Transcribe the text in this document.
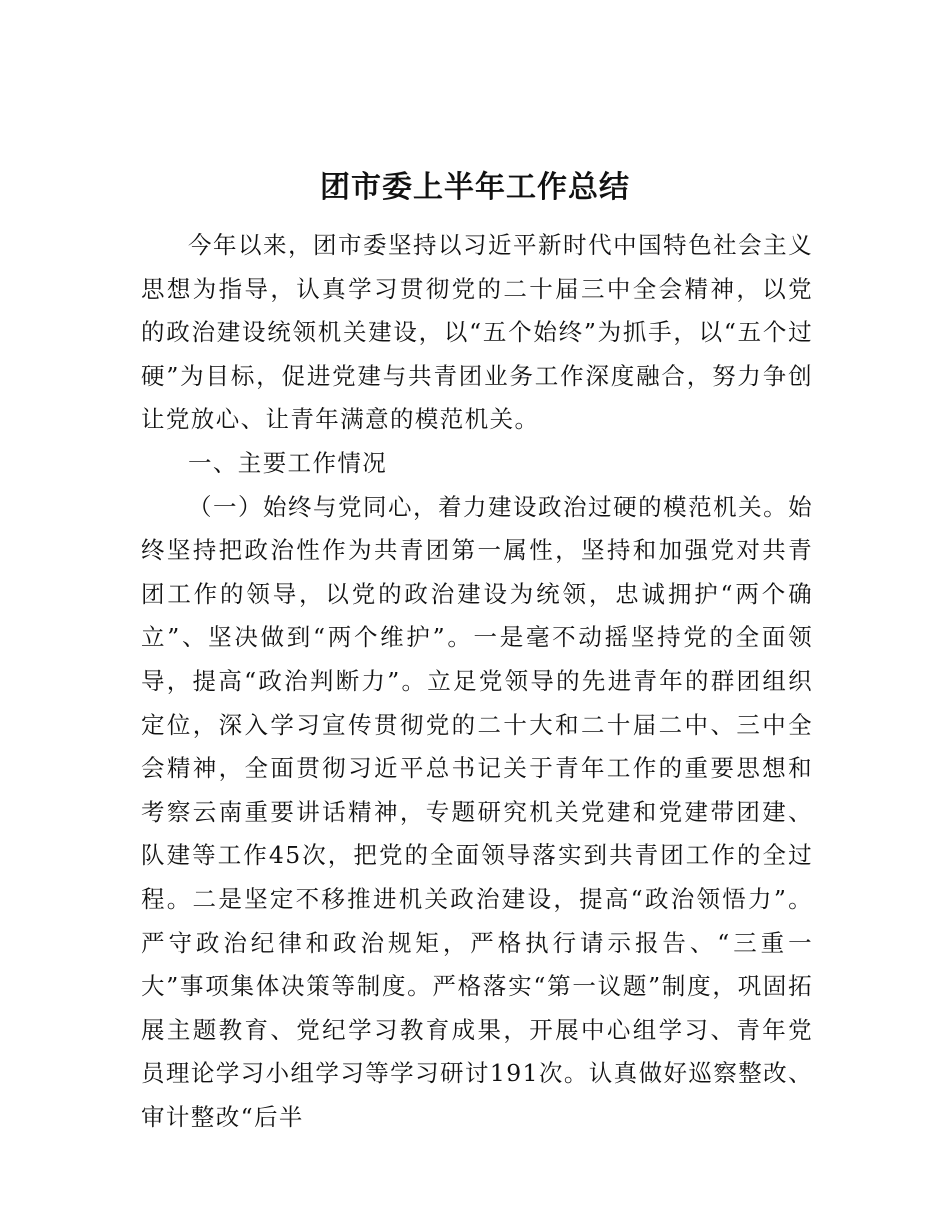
团市委上半年工作总结

今年以来，团市委坚持以习近平新时代中国特色社会主义思想为指导，认真学习贯彻党的二十届三中全会精神，以党的政治建设统领机关建设，以“五个始终”为抓手，以“五个过硬”为目标，促进党建与共青团业务工作深度融合，努力争创让党放心、让青年满意的模范机关。

一、主要工作情况

（一）始终与党同心，着力建设政治过硬的模范机关。始终坚持把政治性作为共青团第一属性，坚持和加强党对共青团工作的领导，以党的政治建设为统领，忠诚拥护“两个确立”、坚决做到“两个维护”。一是毫不动摇坚持党的全面领导，提高“政治判断力”。立足党领导的先进青年的群团组织定位，深入学习宣传贯彻党的二十大和二十届二中、三中全会精神，全面贯彻习近平总书记关于青年工作的重要思想和考察云南重要讲话精神，专题研究机关党建和党建带团建、队建等工作45次，把党的全面领导落实到共青团工作的全过程。二是坚定不移推进机关政治建设，提高“政治领悟力”。严守政治纪律和政治规矩，严格执行请示报告、“三重一大”事项集体决策等制度。严格落实“第一议题”制度，巩固拓展主题教育、党纪学习教育成果，开展中心组学习、青年党员理论学习小组学习等学习研讨191次。认真做好巡察整改、审计整改“后半
